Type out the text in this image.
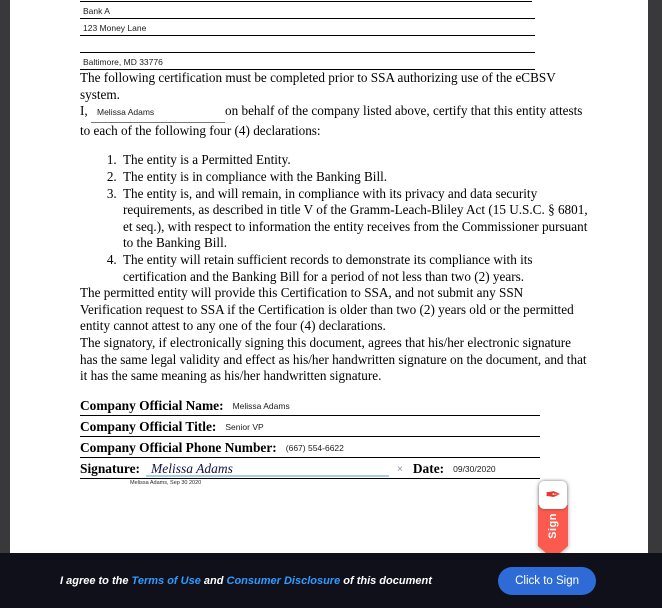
Bank A
123 Money Lane
Baltimore, MD 33776

The following certification must be completed prior to SSA authorizing use of the eCBSV system.

I, Melissa Adams	on behalf of the company listed above, certify that this entity attests to each of the following four (4) declarations:

1. The entity is a Permitted Entity.
2. The entity is in compliance with the Banking Bill.
3. The entity is, and will remain, in compliance with its privacy and data security requirements, as described in title V of the Gramm-Leach-Bliley Act (15 U.S.C. § 6801, et seq.), with respect to information the entity receives from the Commissioner pursuant to the Banking Bill.
4. The entity will retain sufficient records to demonstrate its compliance with its certification and the Banking Bill for a period of not less than two (2) years.

The permitted entity will provide this Certification to SSA, and not submit any SSN Verification request to SSA if the Certification is older than two (2) years old or the permitted entity cannot attest to any one of the four (4) declarations.

The signatory, if electronically signing this document, agrees that his/her electronic signature has the same legal validity and effect as his/her handwritten signature on the document, and that it has the same meaning as his/her handwritten signature.

Company Official Name: Melissa Adams
Company Official Title: Senior VP
Company Official Phone Number: (667) 554-6622
Signature: Melissa Adams	× Date: 09/30/2020
Melissa Adams, Sep 30 2020
✒
Sign
I agree to the Terms of Use and Consumer Disclosure of this document	Click to Sign
